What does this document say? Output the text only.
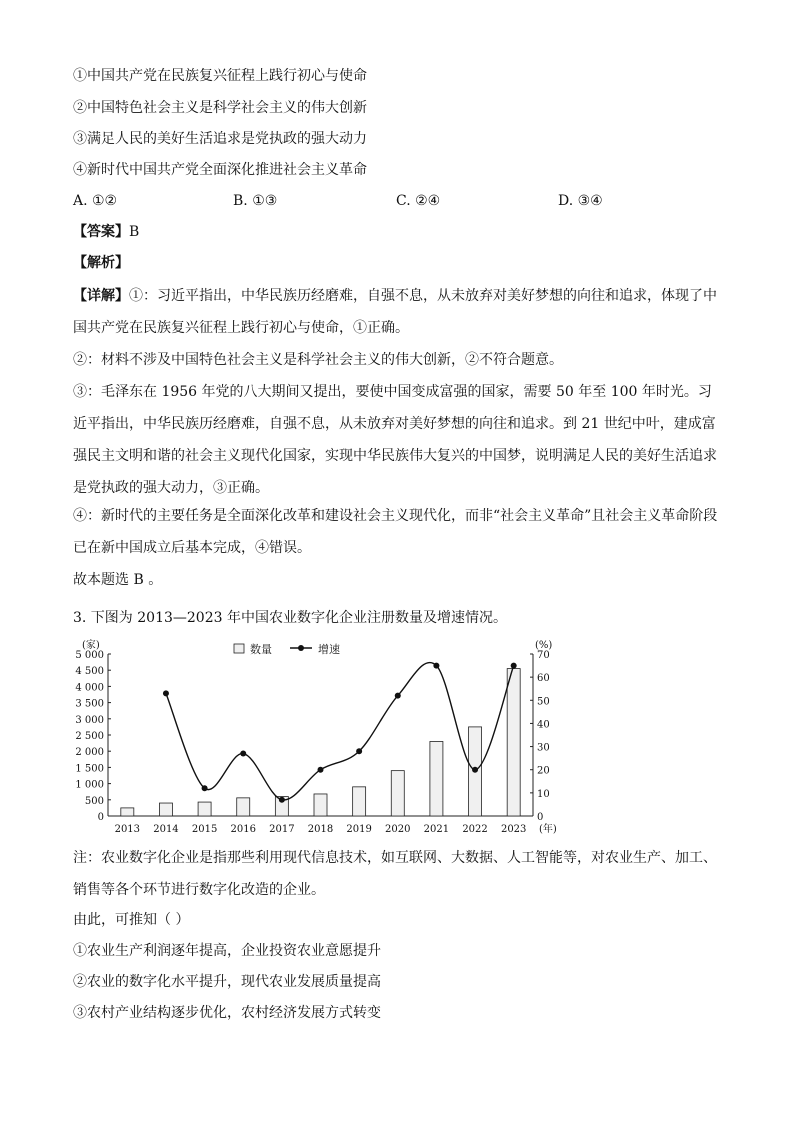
①中国共产党在民族复兴征程上践行初心与使命
②中国特色社会主义是科学社会主义的伟大创新
③满足人民的美好生活追求是党执政的强大动力
④新时代中国共产党全面深化推进社会主义革命
A. ①②	B. ①③	C. ②④	D. ③④
【答案】B
【解析】
【详解】①：习近平指出，中华民族历经磨难，自强不息，从未放弃对美好梦想的向往和追求，体现了中国共产党在民族复兴征程上践行初心与使命，①正确。
②：材料不涉及中国特色社会主义是科学社会主义的伟大创新，②不符合题意。
③：毛泽东在 1956 年党的八大期间又提出，要使中国变成富强的国家，需要 50 年至 100 年时光。习近平指出，中华民族历经磨难，自强不息，从未放弃对美好梦想的向往和追求。到 21 世纪中叶，建成富强民主文明和谐的社会主义现代化国家，实现中华民族伟大复兴的中国梦，说明满足人民的美好生活追求是党执政的强大动力，③正确。
④：新时代的主要任务是全面深化改革和建设社会主义现代化，而非“社会主义革命”且社会主义革命阶段已在新中国成立后基本完成，④错误。
故本题选 B 。
3. 下图为 2013—2023 年中国农业数字化企业注册数量及增速情况。
0
500
1 000
1 500
2 000
2 500
3 000
3 500
4 000
4 500
5 000
0
10
20
30
40
50
60
70
(家)	(%)
2013 2014 2015 2016 2017 2018 2019 2020 2021 2022 2023 (年)
数量	增速
注：农业数字化企业是指那些利用现代信息技术，如互联网、大数据、人工智能等，对农业生产、加工、销售等各个环节进行数字化改造的企业。
由此，可推知（ ）
①农业生产利润逐年提高，企业投资农业意愿提升
②农业的数字化水平提升，现代农业发展质量提高
③农村产业结构逐步优化，农村经济发展方式转变
